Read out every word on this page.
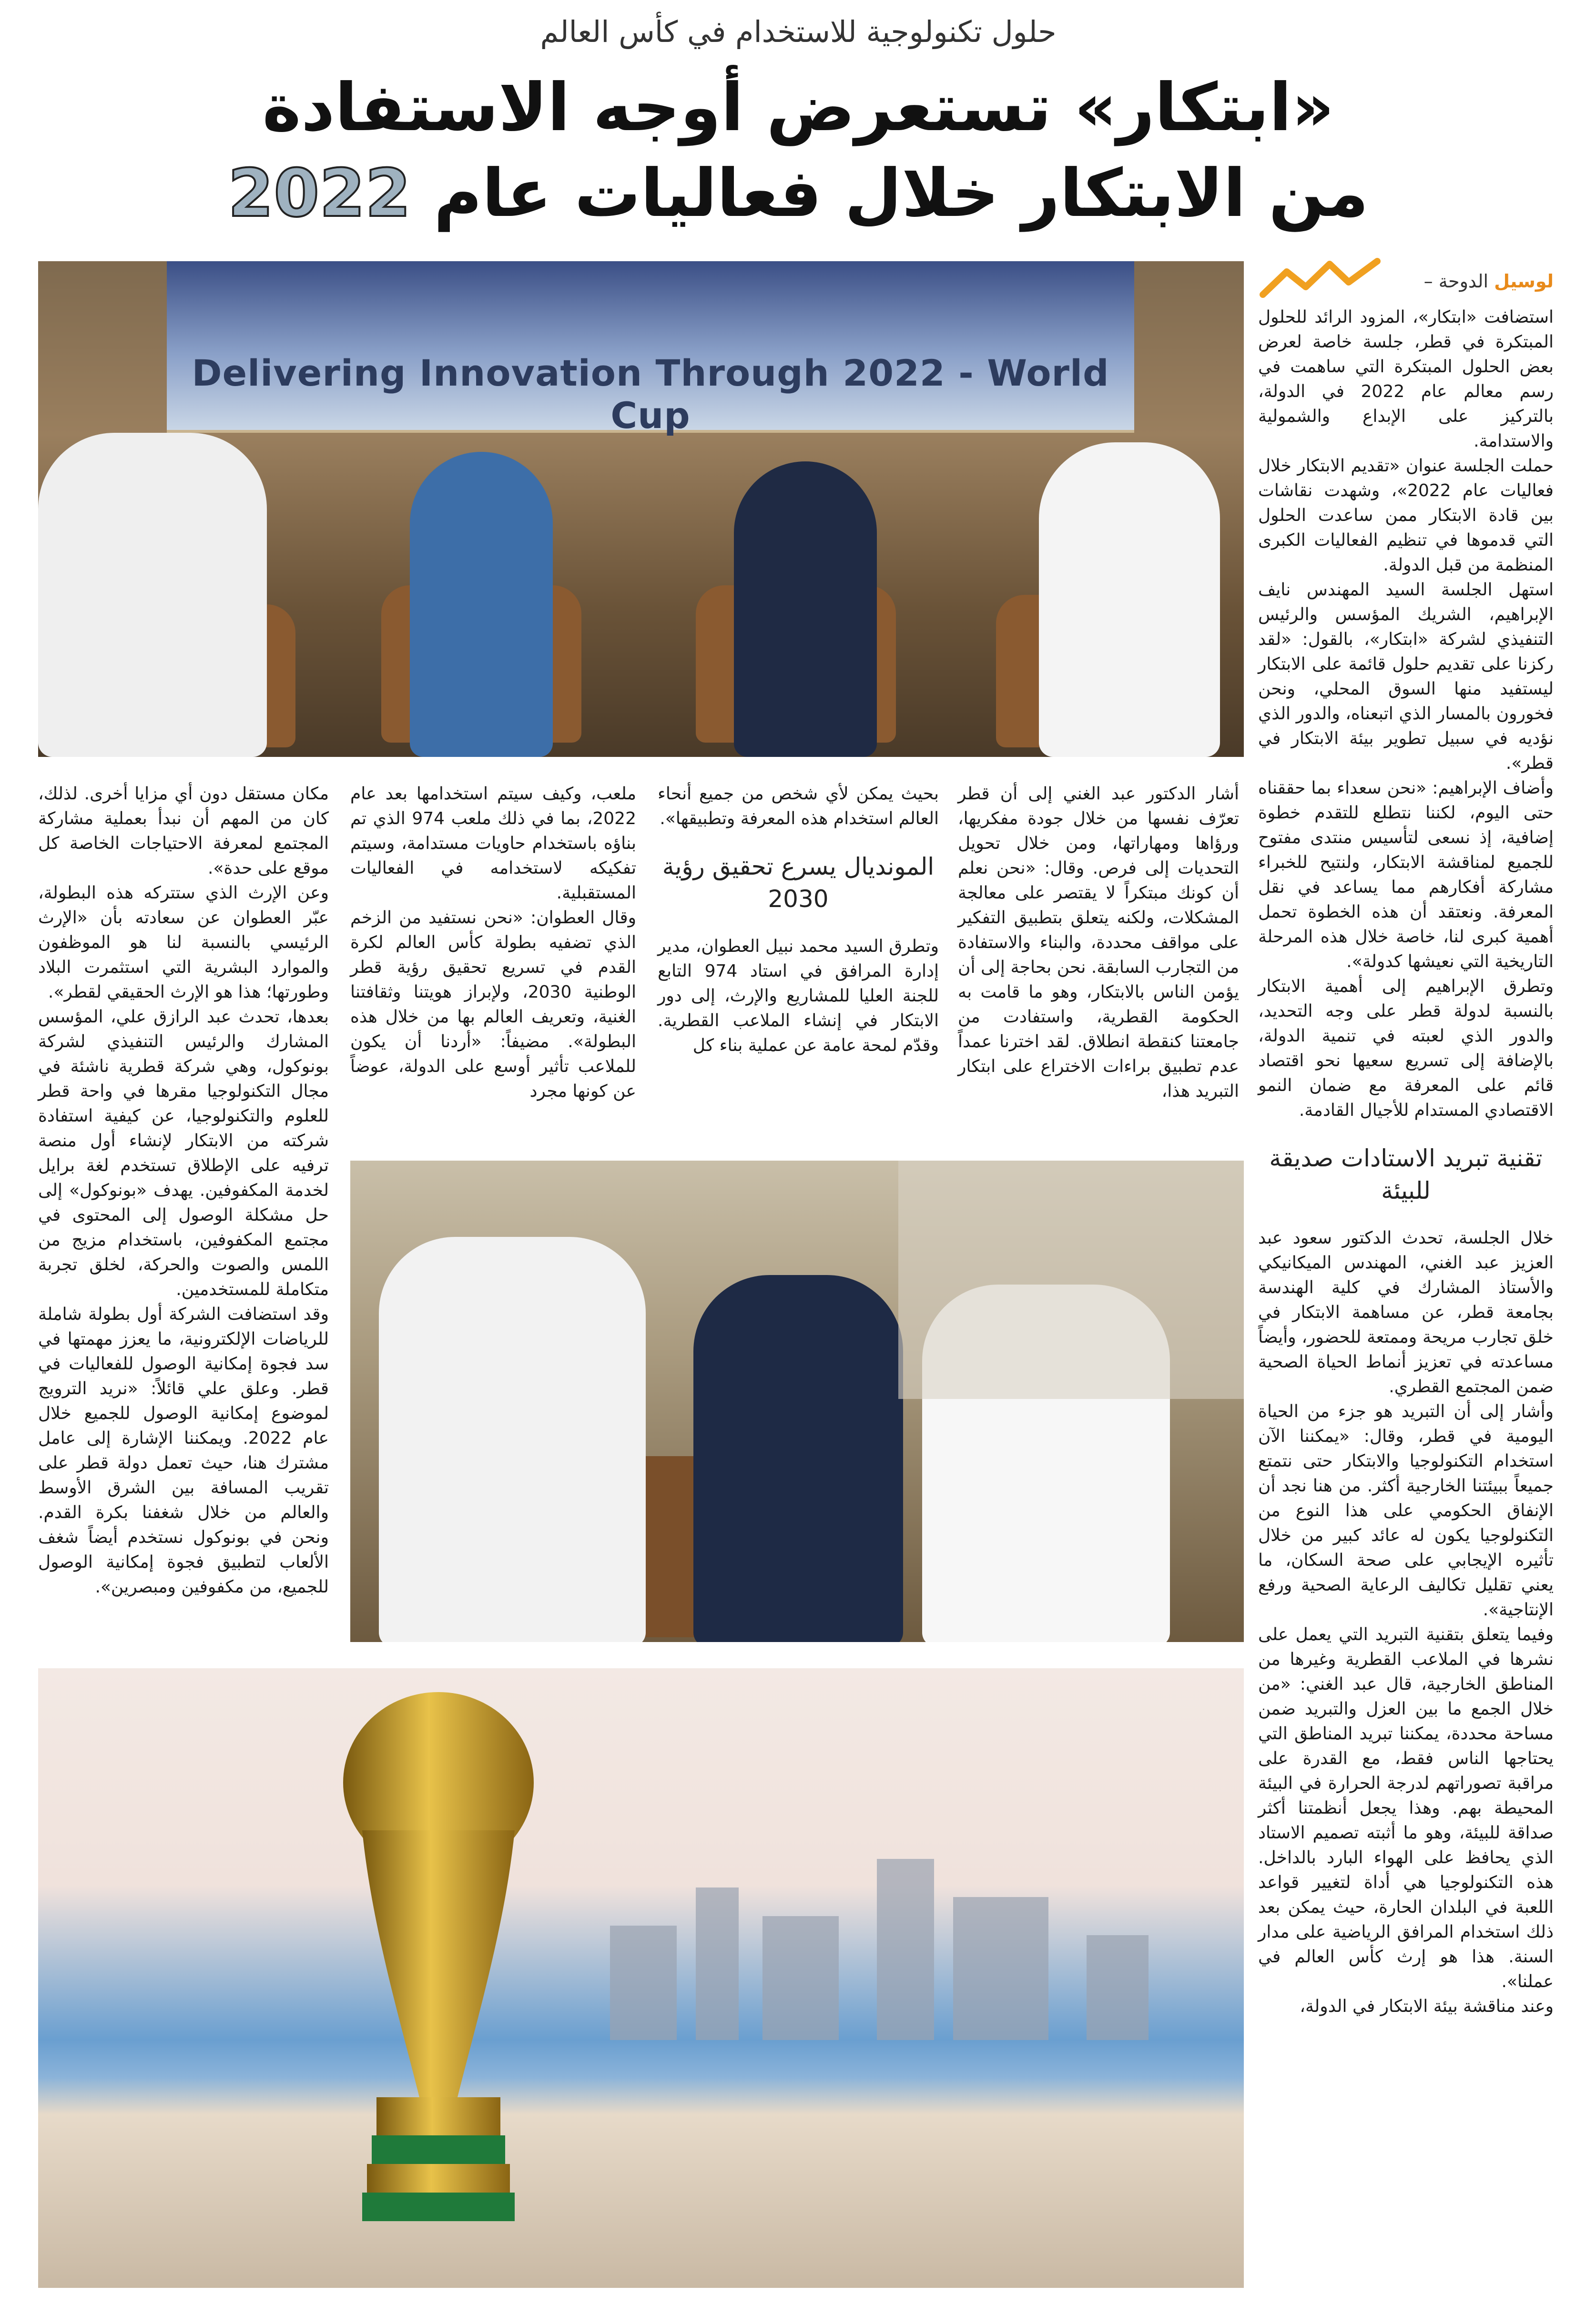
حلول تكنولوجية للاستخدام في كأس العالم
«ابتكار» تستعرض أوجه الاستفادة
من الابتكار خلال فعاليات عام 2022
لوسيل الدوحة –
Delivering Innovation Through 2022 - World Cup

استضافت «ابتكار»، المزود الرائد للحلول المبتكرة في قطر، جلسة خاصة لعرض بعض الحلول المبتكرة التي ساهمت في رسم معالم عام 2022 في الدولة، بالتركيز على الإبداع والشمولية والاستدامة.

حملت الجلسة عنوان «تقديم الابتكار خلال فعاليات عام 2022»، وشهدت نقاشات بين قادة الابتكار ممن ساعدت الحلول التي قدموها في تنظيم الفعاليات الكبرى المنظمة من قبل الدولة.

استهل الجلسة السيد المهندس نايف الإبراهيم، الشريك المؤسس والرئيس التنفيذي لشركة «ابتكار»، بالقول: «لقد ركزنا على تقديم حلول قائمة على الابتكار ليستفيد منها السوق المحلي، ونحن فخورون بالمسار الذي اتبعناه، والدور الذي نؤديه في سبيل تطوير بيئة الابتكار في قطر».

وأضاف الإبراهيم: «نحن سعداء بما حققناه حتى اليوم، لكننا نتطلع للتقدم خطوة إضافية، إذ نسعى لتأسيس منتدى مفتوح للجميع لمناقشة الابتكار، ولنتيح للخبراء مشاركة أفكارهم مما يساعد في نقل المعرفة. ونعتقد أن هذه الخطوة تحمل أهمية كبرى لنا، خاصة خلال هذه المرحلة التاريخية التي نعيشها كدولة».

وتطرق الإبراهيم إلى أهمية الابتكار بالنسبة لدولة قطر على وجه التحديد، والدور الذي لعبته في تنمية الدولة، بالإضافة إلى تسريع سعيها نحو اقتصاد قائم على المعرفة مع ضمان النمو الاقتصادي المستدام للأجيال القادمة.

تقنية تبريد الاستادات صديقة للبيئة

خلال الجلسة، تحدث الدكتور سعود عبد العزيز عبد الغني، المهندس الميكانيكي والأستاذ المشارك في كلية الهندسة بجامعة قطر، عن مساهمة الابتكار في خلق تجارب مريحة وممتعة للحضور، وأيضاً مساعدته في تعزيز أنماط الحياة الصحية ضمن المجتمع القطري.

وأشار إلى أن التبريد هو جزء من الحياة اليومية في قطر، وقال: «يمكننا الآن استخدام التكنولوجيا والابتكار حتى نتمتع جميعاً ببيئتنا الخارجية أكثر. من هنا نجد أن الإنفاق الحكومي على هذا النوع من التكنولوجيا يكون له عائد كبير من خلال تأثيره الإيجابي على صحة السكان، ما يعني تقليل تكاليف الرعاية الصحية ورفع الإنتاجية».

وفيما يتعلق بتقنية التبريد التي يعمل على نشرها في الملاعب القطرية وغيرها من المناطق الخارجية، قال عبد الغني: «من خلال الجمع ما بين العزل والتبريد ضمن مساحة محددة، يمكننا تبريد المناطق التي يحتاجها الناس فقط، مع القدرة على مراقبة تصوراتهم لدرجة الحرارة في البيئة المحيطة بهم. وهذا يجعل أنظمتنا أكثر صداقة للبيئة، وهو ما أثبته تصميم الاستاد الذي يحافظ على الهواء البارد بالداخل. هذه التكنولوجيا هي أداة لتغيير قواعد اللعبة في البلدان الحارة، حيث يمكن بعد ذلك استخدام المرافق الرياضية على مدار السنة. هذا هو إرث كأس العالم في عملنا».

وعند مناقشة بيئة الابتكار في الدولة،

أشار الدكتور عبد الغني إلى أن قطر تعرّف نفسها من خلال جودة مفكريها، ورؤاها ومهاراتها، ومن خلال تحويل التحديات إلى فرص. وقال: «نحن نعلم أن كونك مبتكراً لا يقتصر على معالجة المشكلات، ولكنه يتعلق بتطبيق التفكير على مواقف محددة، والبناء والاستفادة من التجارب السابقة. نحن بحاجة إلى أن يؤمن الناس بالابتكار، وهو ما قامت به الحكومة القطرية، واستفادت من جامعتنا كنقطة انطلاق. لقد اخترنا عمداً عدم تطبيق براءات الاختراع على ابتكار التبريد هذا،

بحيث يمكن لأي شخص من جميع أنحاء العالم استخدام هذه المعرفة وتطبيقها».

المونديال يسرع تحقيق رؤية 2030

وتطرق السيد محمد نبيل العطوان، مدير إدارة المرافق في استاد 974 التابع للجنة العليا للمشاريع والإرث، إلى دور الابتكار في إنشاء الملاعب القطرية. وقدّم لمحة عامة عن عملية بناء كل

ملعب، وكيف سيتم استخدامها بعد عام 2022، بما في ذلك ملعب 974 الذي تم بناؤه باستخدام حاويات مستدامة، وسيتم تفكيكه لاستخدامه في الفعاليات المستقبلية.

وقال العطوان: «نحن نستفيد من الزخم الذي تضفيه بطولة كأس العالم لكرة القدم في تسريع تحقيق رؤية قطر الوطنية 2030، ولإبراز هويتنا وثقافتنا الغنية، وتعريف العالم بها من خلال هذه البطولة». مضيفاً: «أردنا أن يكون للملاعب تأثير أوسع على الدولة، عوضاً عن كونها مجرد

مكان مستقل دون أي مزايا أخرى. لذلك، كان من المهم أن نبدأ بعملية مشاركة المجتمع لمعرفة الاحتياجات الخاصة كل موقع على حدة».

وعن الإرث الذي ستتركه هذه البطولة، عبّر العطوان عن سعادته بأن «الإرث الرئيسي بالنسبة لنا هو الموظفون والموارد البشرية التي استثمرت البلاد وطورتها؛ هذا هو الإرث الحقيقي لقطر».

بعدها، تحدث عبد الرازق علي، المؤسس المشارك والرئيس التنفيذي لشركة بونوكول، وهي شركة قطرية ناشئة في مجال التكنولوجيا مقرها في واحة قطر للعلوم والتكنولوجيا، عن كيفية استفادة شركته من الابتكار لإنشاء أول منصة ترفيه على الإطلاق تستخدم لغة برايل لخدمة المكفوفين. يهدف «بونوكول» إلى حل مشكلة الوصول إلى المحتوى في مجتمع المكفوفين، باستخدام مزيج من اللمس والصوت والحركة، لخلق تجربة متكاملة للمستخدمين.

وقد استضافت الشركة أول بطولة شاملة للرياضات الإلكترونية، ما يعزز مهمتها في سد فجوة إمكانية الوصول للفعاليات في قطر. وعلق علي قائلاً: «نريد الترويج لموضوع إمكانية الوصول للجميع خلال عام 2022. ويمكننا الإشارة إلى عامل مشترك هنا، حيث تعمل دولة قطر على تقريب المسافة بين الشرق الأوسط والعالم من خلال شغفنا بكرة القدم. ونحن في بونوكول نستخدم أيضاً شغف الألعاب لتطبيق فجوة إمكانية الوصول للجميع، من مكفوفين ومبصرين».
